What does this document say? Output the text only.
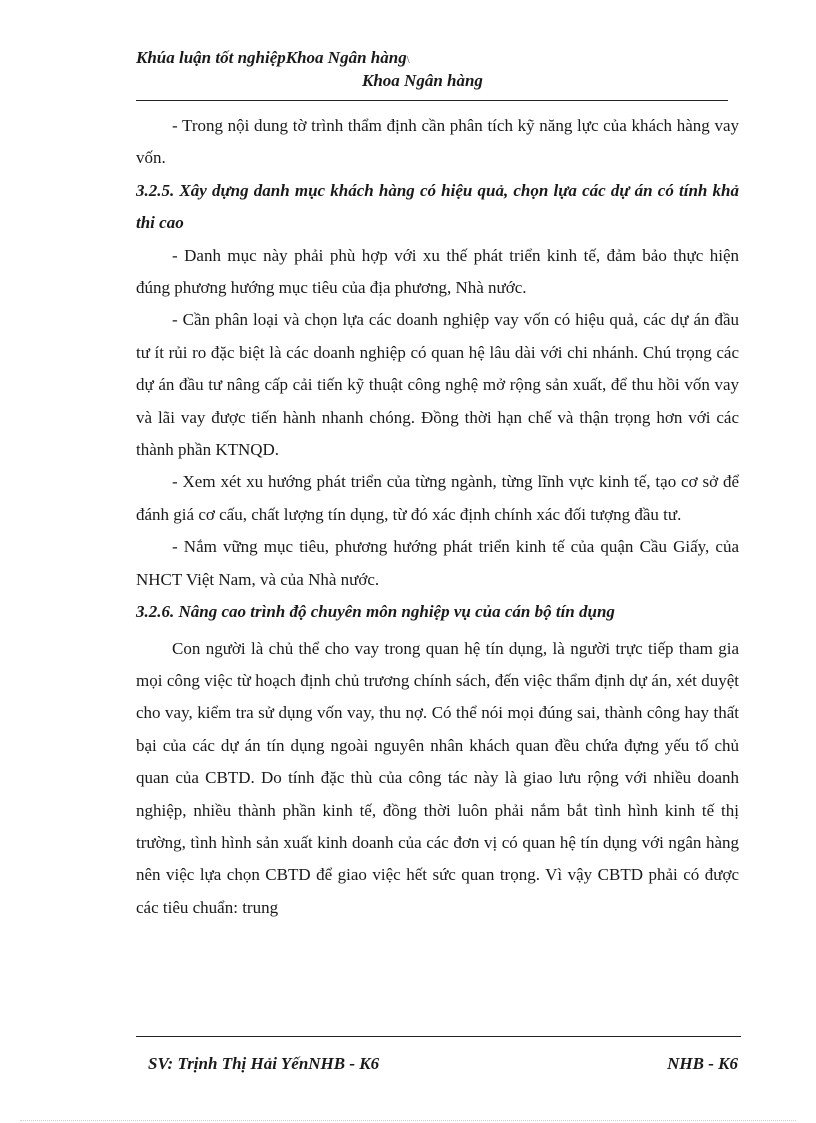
Khúa luận tốt nghiệpKhoa Ngân hàng\
Khoa Ngân hàng

- Trong nội dung tờ trình thẩm định cần phân tích kỹ năng lực của khách hàng vay vốn.

3.2.5. Xây dựng danh mục khách hàng có hiệu quả, chọn lựa các dự án có tính khả thi cao

- Danh mục này phải phù hợp với xu thế phát triển kinh tế, đảm bảo thực hiện đúng phương hướng mục tiêu của địa phương, Nhà nước.

- Cần phân loại và chọn lựa các doanh nghiệp vay vốn có hiệu quả, các dự án đầu tư ít rủi ro đặc biệt là các doanh nghiệp có quan hệ lâu dài với chi nhánh. Chú trọng các dự án đầu tư nâng cấp cải tiến kỹ thuật công nghệ mở rộng sản xuất, để thu hồi vốn vay và lãi vay được tiến hành nhanh chóng. Đồng thời hạn chế và thận trọng hơn với các thành phần KTNQD.

- Xem xét xu hướng phát triển của từng ngành, từng lĩnh vực kinh tế, tạo cơ sở để đánh giá cơ cấu, chất lượng tín dụng, từ đó xác định chính xác đối tượng đầu tư.

- Nắm vững mục tiêu, phương hướng phát triển kinh tế của quận Cầu Giấy, của NHCT Việt Nam, và của Nhà nước.

3.2.6. Nâng cao trình độ chuyên môn nghiệp vụ của cán bộ tín dụng

Con người là chủ thể cho vay trong quan hệ tín dụng, là người trực tiếp tham gia mọi công việc từ hoạch định chủ trương chính sách, đến việc thẩm định dự án, xét duyệt cho vay, kiểm tra sử dụng vốn vay, thu nợ. Có thể nói mọi đúng sai, thành công hay thất bại của các dự án tín dụng ngoài nguyên nhân khách quan đều chứa đựng yếu tố chủ quan của CBTD. Do tính đặc thù của công tác này là giao lưu rộng với nhiều doanh nghiệp, nhiều thành phần kinh tế, đồng thời luôn phải nắm bắt tình hình kinh tế thị trường, tình hình sản xuất kinh doanh của các đơn vị có quan hệ tín dụng với ngân hàng nên việc lựa chọn CBTD để giao việc hết sức quan trọng. Vì vậy CBTD phải có được các tiêu chuẩn: trung

SV: Trịnh Thị Hải YếnNHB - K6	NHB - K6
